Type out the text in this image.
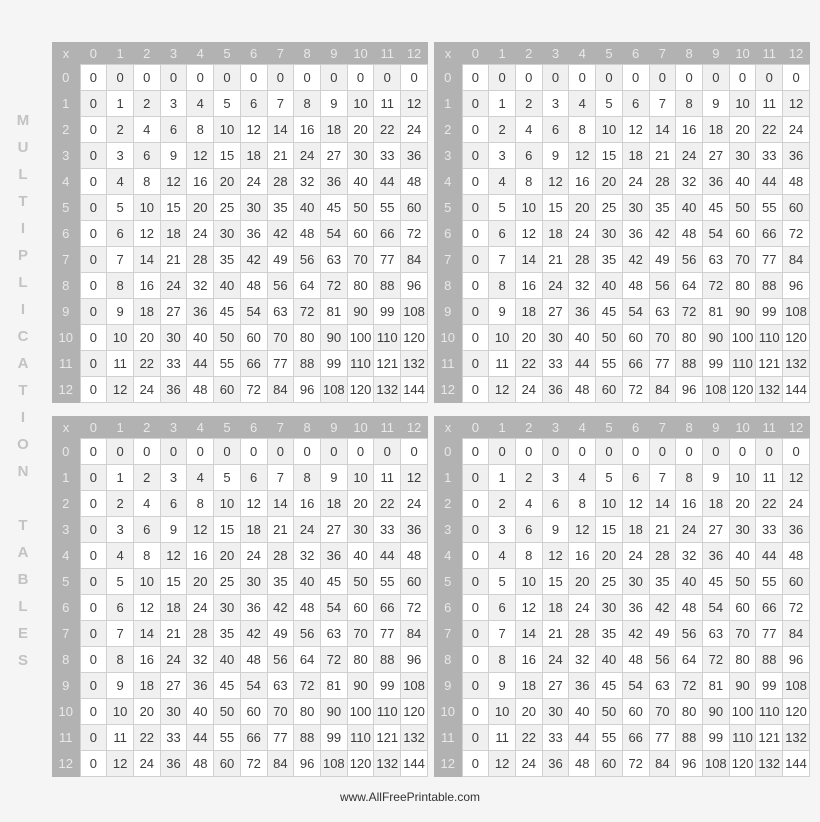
M
U
L
T
I
P
L
I
C
A
T
I
O
N

T
A
B
L
E
S
x	0	1	2	3	4	5	6	7	8	9	10	11	12
0	0	0	0	0	0	0	0	0	0	0	0	0	0
1	0	1	2	3	4	5	6	7	8	9	10	11	12
2	0	2	4	6	8	10	12	14	16	18	20	22	24
3	0	3	6	9	12	15	18	21	24	27	30	33	36
4	0	4	8	12	16	20	24	28	32	36	40	44	48
5	0	5	10	15	20	25	30	35	40	45	50	55	60
6	0	6	12	18	24	30	36	42	48	54	60	66	72
7	0	7	14	21	28	35	42	49	56	63	70	77	84
8	0	8	16	24	32	40	48	56	64	72	80	88	96
9	0	9	18	27	36	45	54	63	72	81	90	99	108
10	0	10	20	30	40	50	60	70	80	90	100	110	120
11	0	11	22	33	44	55	66	77	88	99	110	121	132
12	0	12	24	36	48	60	72	84	96	108	120	132	144
x	0	1	2	3	4	5	6	7	8	9	10	11	12
0	0	0	0	0	0	0	0	0	0	0	0	0	0
1	0	1	2	3	4	5	6	7	8	9	10	11	12
2	0	2	4	6	8	10	12	14	16	18	20	22	24
3	0	3	6	9	12	15	18	21	24	27	30	33	36
4	0	4	8	12	16	20	24	28	32	36	40	44	48
5	0	5	10	15	20	25	30	35	40	45	50	55	60
6	0	6	12	18	24	30	36	42	48	54	60	66	72
7	0	7	14	21	28	35	42	49	56	63	70	77	84
8	0	8	16	24	32	40	48	56	64	72	80	88	96
9	0	9	18	27	36	45	54	63	72	81	90	99	108
10	0	10	20	30	40	50	60	70	80	90	100	110	120
11	0	11	22	33	44	55	66	77	88	99	110	121	132
12	0	12	24	36	48	60	72	84	96	108	120	132	144
x	0	1	2	3	4	5	6	7	8	9	10	11	12
0	0	0	0	0	0	0	0	0	0	0	0	0	0
1	0	1	2	3	4	5	6	7	8	9	10	11	12
2	0	2	4	6	8	10	12	14	16	18	20	22	24
3	0	3	6	9	12	15	18	21	24	27	30	33	36
4	0	4	8	12	16	20	24	28	32	36	40	44	48
5	0	5	10	15	20	25	30	35	40	45	50	55	60
6	0	6	12	18	24	30	36	42	48	54	60	66	72
7	0	7	14	21	28	35	42	49	56	63	70	77	84
8	0	8	16	24	32	40	48	56	64	72	80	88	96
9	0	9	18	27	36	45	54	63	72	81	90	99	108
10	0	10	20	30	40	50	60	70	80	90	100	110	120
11	0	11	22	33	44	55	66	77	88	99	110	121	132
12	0	12	24	36	48	60	72	84	96	108	120	132	144
x	0	1	2	3	4	5	6	7	8	9	10	11	12
0	0	0	0	0	0	0	0	0	0	0	0	0	0
1	0	1	2	3	4	5	6	7	8	9	10	11	12
2	0	2	4	6	8	10	12	14	16	18	20	22	24
3	0	3	6	9	12	15	18	21	24	27	30	33	36
4	0	4	8	12	16	20	24	28	32	36	40	44	48
5	0	5	10	15	20	25	30	35	40	45	50	55	60
6	0	6	12	18	24	30	36	42	48	54	60	66	72
7	0	7	14	21	28	35	42	49	56	63	70	77	84
8	0	8	16	24	32	40	48	56	64	72	80	88	96
9	0	9	18	27	36	45	54	63	72	81	90	99	108
10	0	10	20	30	40	50	60	70	80	90	100	110	120
11	0	11	22	33	44	55	66	77	88	99	110	121	132
12	0	12	24	36	48	60	72	84	96	108	120	132	144
www.AllFreePrintable.com
